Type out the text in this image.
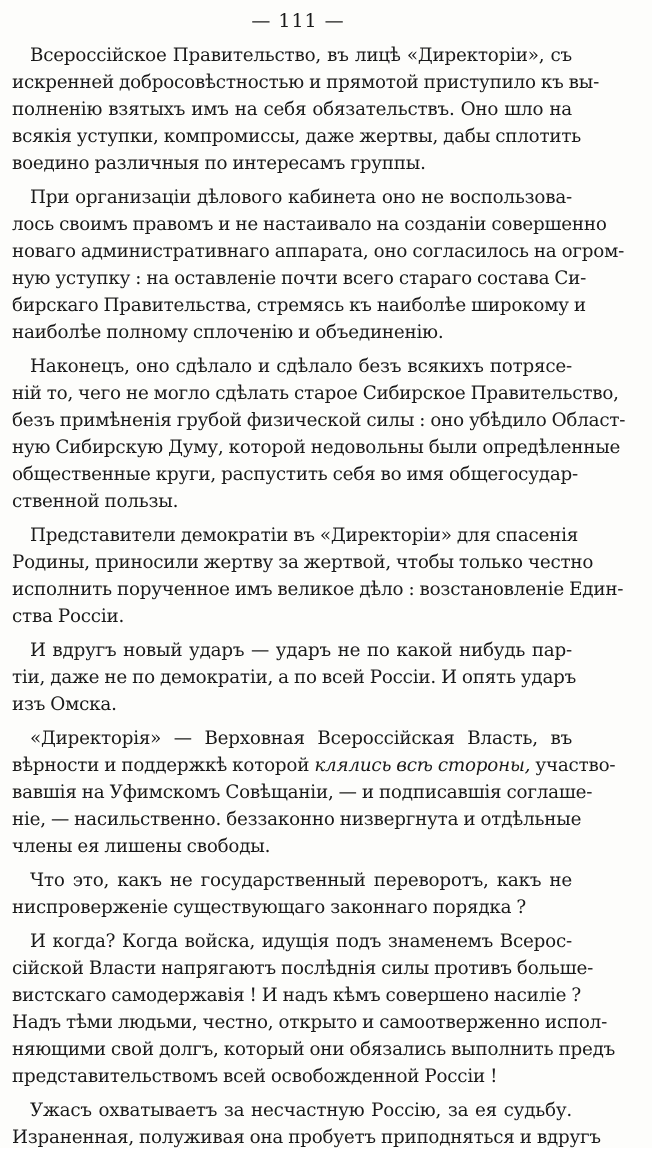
— 111 —

Всероссійское Правительство, въ лицѣ «Директоріи», съ
искренней добросовѣстностью и прямотой приступило къ вы-
полненію взятыхъ имъ на себя обязательствъ. Оно шло на
всякія уступки, компромиссы, даже жертвы, дабы сплотить
воедино различныя по интересамъ группы.

При организаціи дѣлового кабинета оно не воспользова-
лось своимъ правомъ и не настаивало на созданіи совершенно
новаго административнаго аппарата, оно согласилось на огром-
ную уступку : на оставленіе почти всего стараго состава Си-
бирскаго Правительства, стремясь къ наиболѣе широкому и
наиболѣе полному сплоченію и объединенію.

Наконецъ, оно сдѣлало и сдѣлало безъ всякихъ потрясе-
ній то, чего не могло сдѣлать старое Сибирское Правительство,
безъ примѣненія грубой физической силы : оно убѣдило Област-
ную Сибирскую Думу, которой недовольны были опредѣленные
общественные круги, распустить себя во имя общегосудар-
ственной пользы.

Представители демократіи въ «Директоріи» для спасенія
Родины, приносили жертву за жертвой, чтобы только честно
исполнить порученное имъ великое дѣло : возстановленіе Един-
ства Россіи.

И вдругъ новый ударъ — ударъ не по какой нибудь пар-
тіи, даже не по демократіи, а по всей Россіи. И опять ударъ
изъ Омска.

«Директорія» — Верховная Всероссійская Власть, въ
вѣрности и поддержкѣ которой клялись всѣ стороны, участво-
вавшія на Уфимскомъ Совѣщаніи, — и подписавшія соглаше-
ніе, — насильственно. беззаконно низвергнута и отдѣльные
члены ея лишены свободы.

Что это, какъ не государственный переворотъ, какъ не
ниспроверженіе существующаго законнаго порядка ?

И когда? Когда войска, идущія подъ знаменемъ Всерос-
сійской Власти напрягаютъ послѣднія силы противъ больше-
вистскаго самодержавія ! И надъ кѣмъ совершено насиліе ?
Надъ тѣми людьми, честно, открыто и самоотверженно испол-
няющими свой долгъ, который они обязались выполнить предъ
представительствомъ всей освобожденной Россіи !

Ужасъ охватываетъ за несчастную Россію, за ея судьбу.
Израненная, полуживая она пробуетъ приподняться и вдругъ
